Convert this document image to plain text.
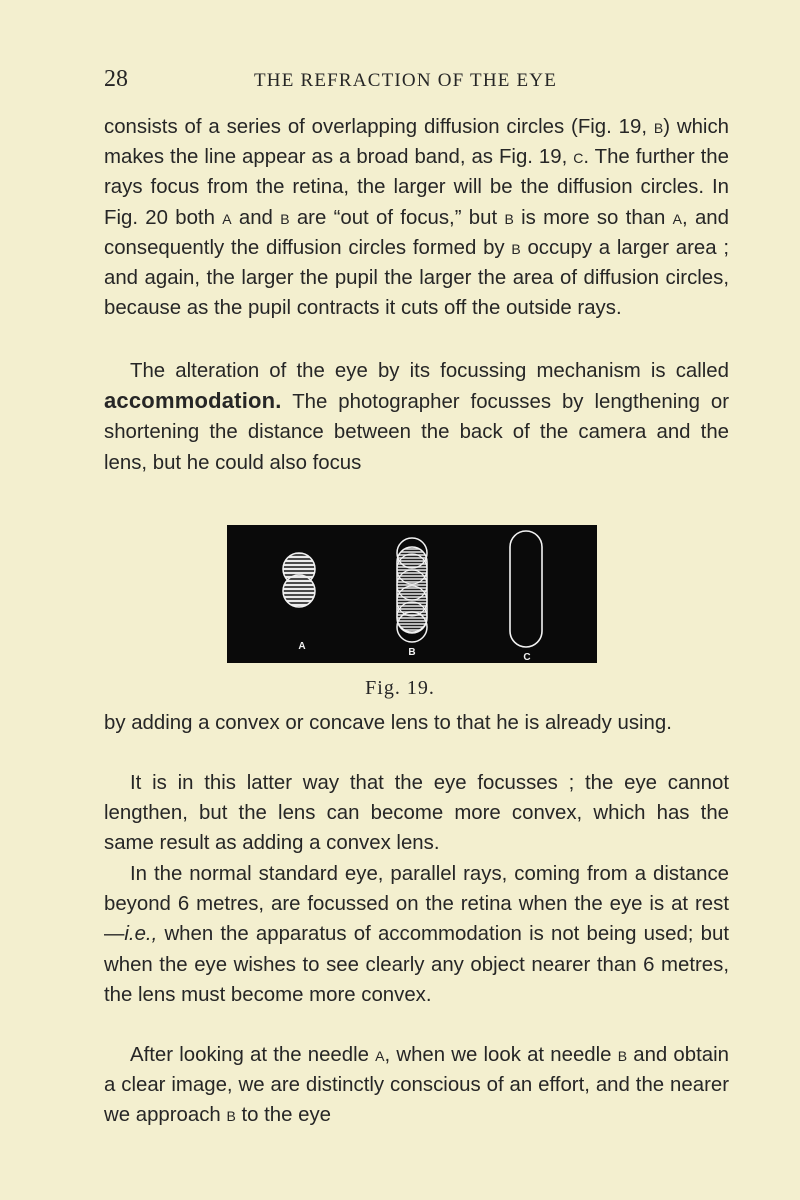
28	THE REFRACTION OF THE EYE

consists of a series of overlapping diffusion circles (Fig. 19, b) which makes the line appear as a broad band, as Fig. 19, c. The further the rays focus from the retina, the larger will be the diffusion circles. In Fig. 20 both a and b are “out of focus,” but b is more so than a, and consequently the diffusion circles formed by b occupy a larger area ; and again, the larger the pupil the larger the area of diffusion circles, because as the pupil contracts it cuts off the outside rays.

The alteration of the eye by its focussing mechanism is called accommodation. The photographer focusses by lengthening or shortening the distance between the back of the camera and the lens, but he could also focus

A
B	C
Fig. 19.

by adding a convex or concave lens to that he is already using.

It is in this latter way that the eye focusses ; the eye cannot lengthen, but the lens can become more convex, which has the same result as adding a convex lens.

In the normal standard eye, parallel rays, coming from a distance beyond 6 metres, are focussed on the retina when the eye is at rest—i.e., when the apparatus of accommodation is not being used; but when the eye wishes to see clearly any object nearer than 6 metres, the lens must become more convex.

After looking at the needle a, when we look at needle b and obtain a clear image, we are distinctly conscious of an effort, and the nearer we approach b to the eye
